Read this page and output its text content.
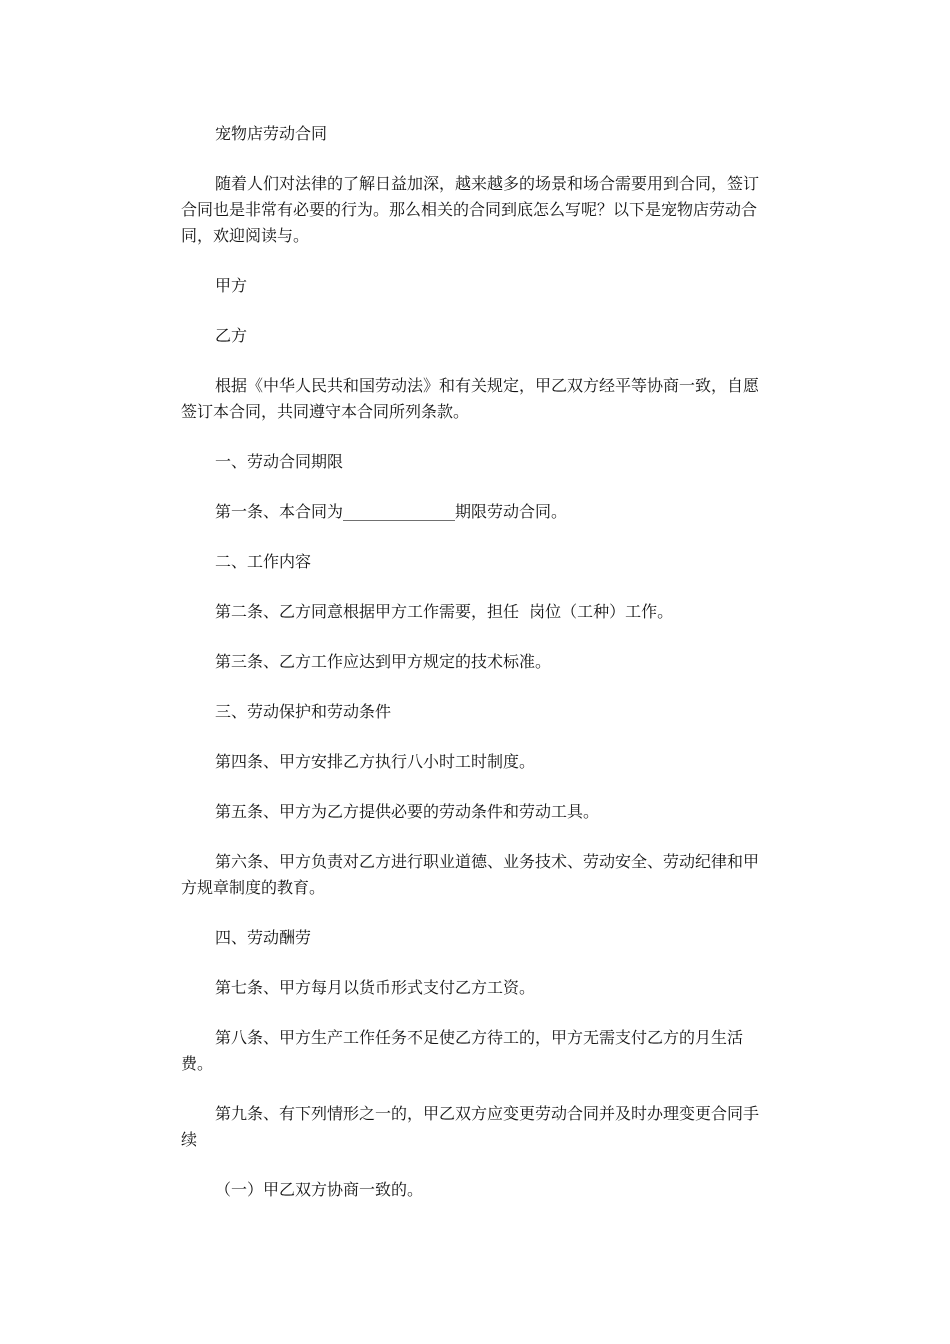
宠物店劳动合同

随着人们对法律的了解日益加深，越来越多的场景和场合需要用到合同，签订合同也是非常有必要的行为。那么相关的合同到底怎么写呢？以下是宠物店劳动合同，欢迎阅读与。

甲方

乙方

根据《中华人民共和国劳动法》和有关规定，甲乙双方经平等协商一致，自愿签订本合同，共同遵守本合同所列条款。

一、劳动合同期限

第一条、本合同为______________期限劳动合同。

二、工作内容

第二条、乙方同意根据甲方工作需要，担任  岗位（工种）工作。

第三条、乙方工作应达到甲方规定的技术标准。

三、劳动保护和劳动条件

第四条、甲方安排乙方执行八小时工时制度。

第五条、甲方为乙方提供必要的劳动条件和劳动工具。

第六条、甲方负责对乙方进行职业道德、业务技术、劳动安全、劳动纪律和甲方规章制度的教育。

四、劳动酬劳

第七条、甲方每月以货币形式支付乙方工资。

第八条、甲方生产工作任务不足使乙方待工的，甲方无需支付乙方的月生活费。

第九条、有下列情形之一的，甲乙双方应变更劳动合同并及时办理变更合同手续

（一）甲乙双方协商一致的。
